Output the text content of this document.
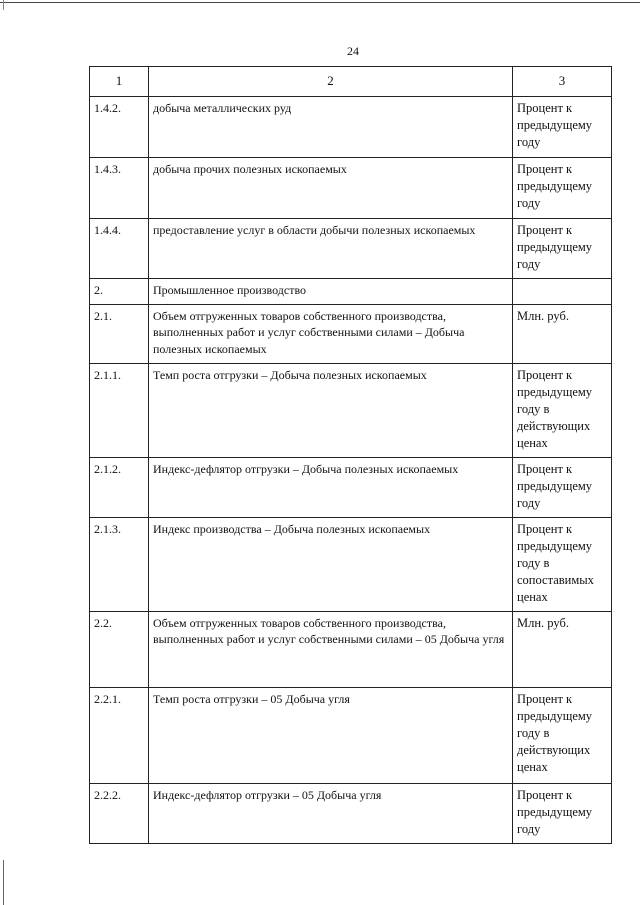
24
1	2	3
1.4.2.	добыча металлических руд	Процент к предыдущему году
1.4.3.	добыча прочих полезных ископаемых	Процент к предыдущему году
1.4.4.	предоставление услуг в области добычи полезных ископаемых	Процент к предыдущему году
2.	Промышленное производство	
2.1.	Объем отгруженных товаров собственного производства, выполненных работ и услуг собственными силами – Добыча полезных ископаемых	Млн. руб.
2.1.1.	Темп роста отгрузки – Добыча полезных ископаемых	Процент к предыдущему году в действующих ценах
2.1.2.	Индекс-дефлятор отгрузки – Добыча полезных ископаемых	Процент к предыдущему году
2.1.3.	Индекс производства – Добыча полезных ископаемых	Процент к предыдущему году в сопоставимых ценах
2.2.	Объем отгруженных товаров собственного производства, выполненных работ и услуг собственными силами – 05 Добыча угля	Млн. руб.
2.2.1.	Темп роста отгрузки – 05 Добыча угля	Процент к предыдущему году в действующих ценах
2.2.2.	Индекс-дефлятор отгрузки – 05 Добыча угля	Процент к предыдущему году
